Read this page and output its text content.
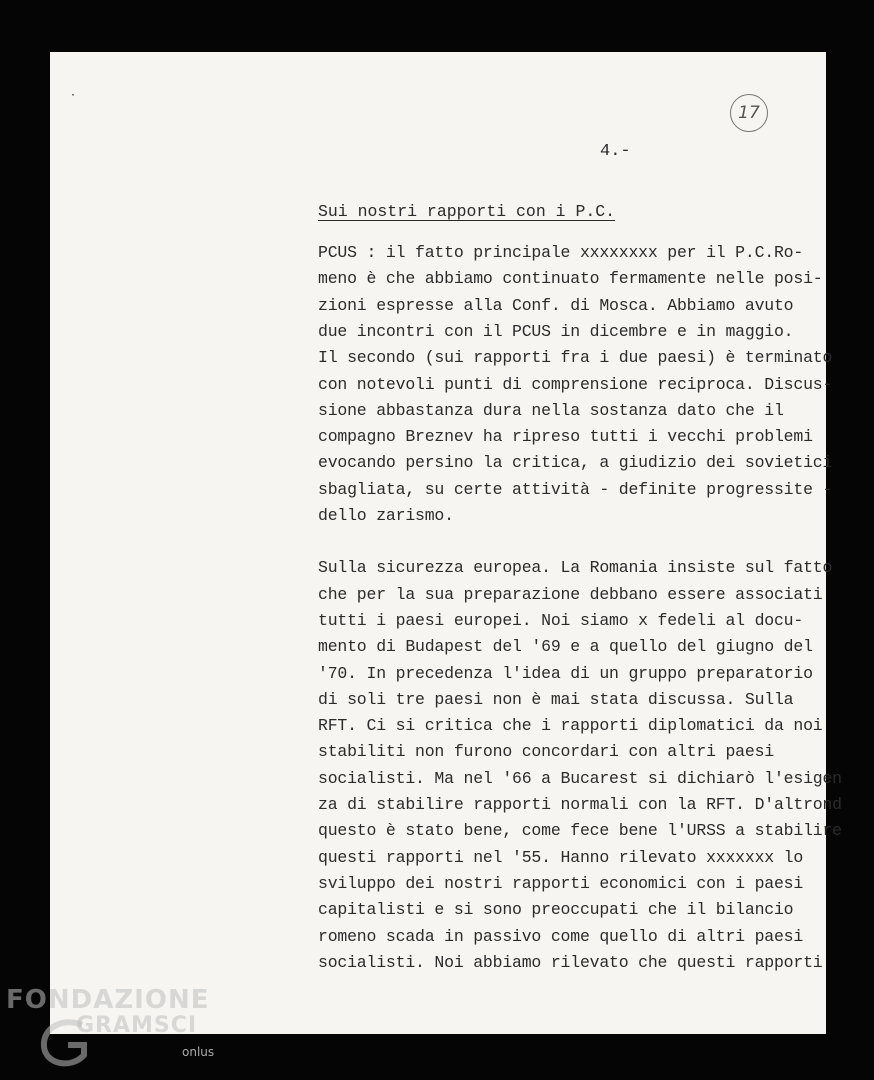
·
17
4.-
Sui nostri rapporti con i P.C.
PCUS : il fatto principale xxxxxxxx per il P.C.Ro-
meno è che abbiamo continuato fermamente nelle posi-
zioni espresse alla Conf. di Mosca. Abbiamo avuto
due incontri con il PCUS in dicembre e in maggio.
Il secondo (sui rapporti fra i due paesi) è terminato
con notevoli punti di comprensione reciproca. Discus-
sione abbastanza dura nella sostanza dato che il
compagno Breznev ha ripreso tutti i vecchi problemi
evocando persino la critica, a giudizio dei sovietici
sbagliata, su certe attività - definite progressite -
dello zarismo.
Sulla sicurezza europea. La Romania insiste sul fatto
che per la sua preparazione debbano essere associati
tutti i paesi europei. Noi siamo x fedeli al docu-
mento di Budapest del '69 e a quello del giugno del
'70. In precedenza l'idea di un gruppo preparatorio
di soli tre paesi non è mai stata discussa. Sulla
RFT. Ci si critica che i rapporti diplomatici da noi
stabiliti non furono concordari con altri paesi
socialisti. Ma nel '66 a Bucarest si dichiarò l'esigen
za di stabilire rapporti normali con la RFT. D'altrond
questo è stato bene, come fece bene l'URSS a stabilire
questi rapporti nel '55. Hanno rilevato xxxxxxx lo
sviluppo dei nostri rapporti economici con i paesi
capitalisti e si sono preoccupati che il bilancio
romeno scada in passivo come quello di altri paesi
socialisti. Noi abbiamo rilevato che questi rapporti
FONDAZIONE
GRAMSCI
onlus
